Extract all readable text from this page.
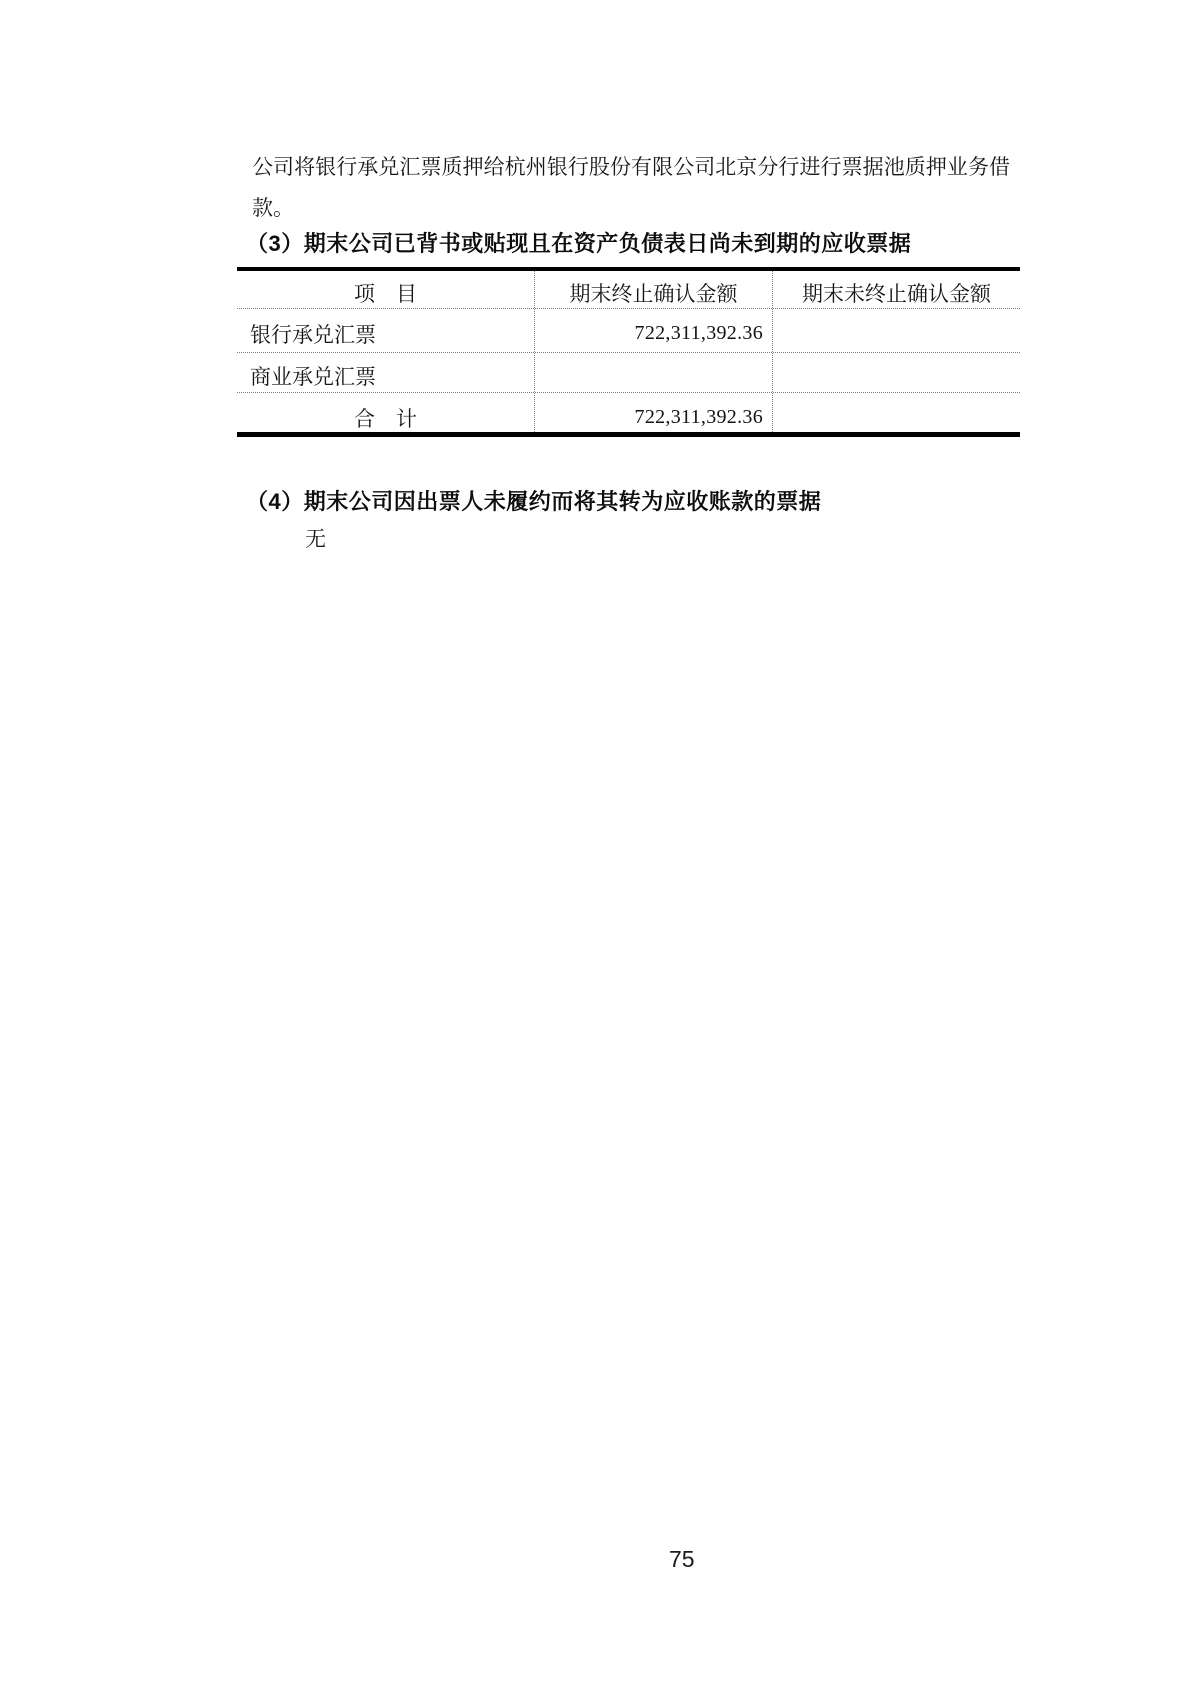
公司将银行承兑汇票质押给杭州银行股份有限公司北京分行进行票据池质押业务借款。

（3）期末公司已背书或贴现且在资产负债表日尚未到期的应收票据
项　目	期末终止确认金额	期末未终止确认金额
银行承兑汇票	722,311,392.36
商业承兑汇票
合　计	722,311,392.36
（4）期末公司因出票人未履约而将其转为应收账款的票据

无

75
